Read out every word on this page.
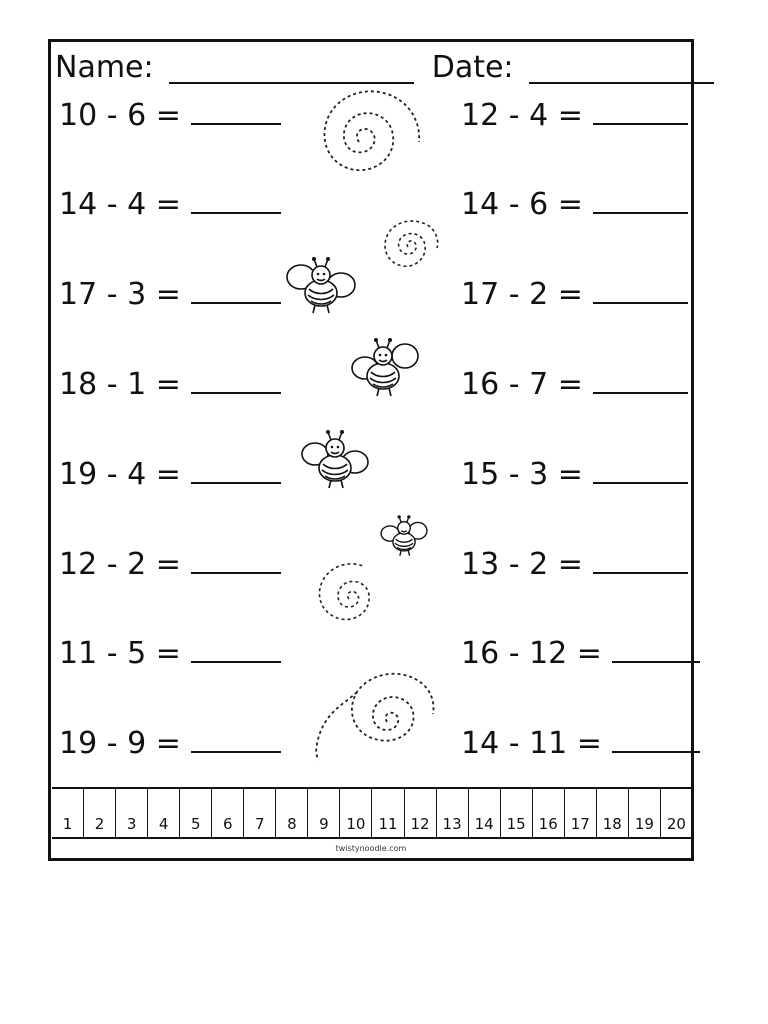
Name:	Date:
10 - 6 =
14 - 4 =
17 - 3 =
18 - 1 =
19 - 4 =
12 - 2 =
11 - 5 =
19 - 9 =
12 - 4 =
14 - 6 =
17 - 2 =
16 - 7 =
15 - 3 =
13 - 2 =
16 - 12 =
14 - 11 =
1	2	3	4	5	6	7	8	9	10 11 12 13 14 15 16 17 18 19 20
twistynoodle.com
